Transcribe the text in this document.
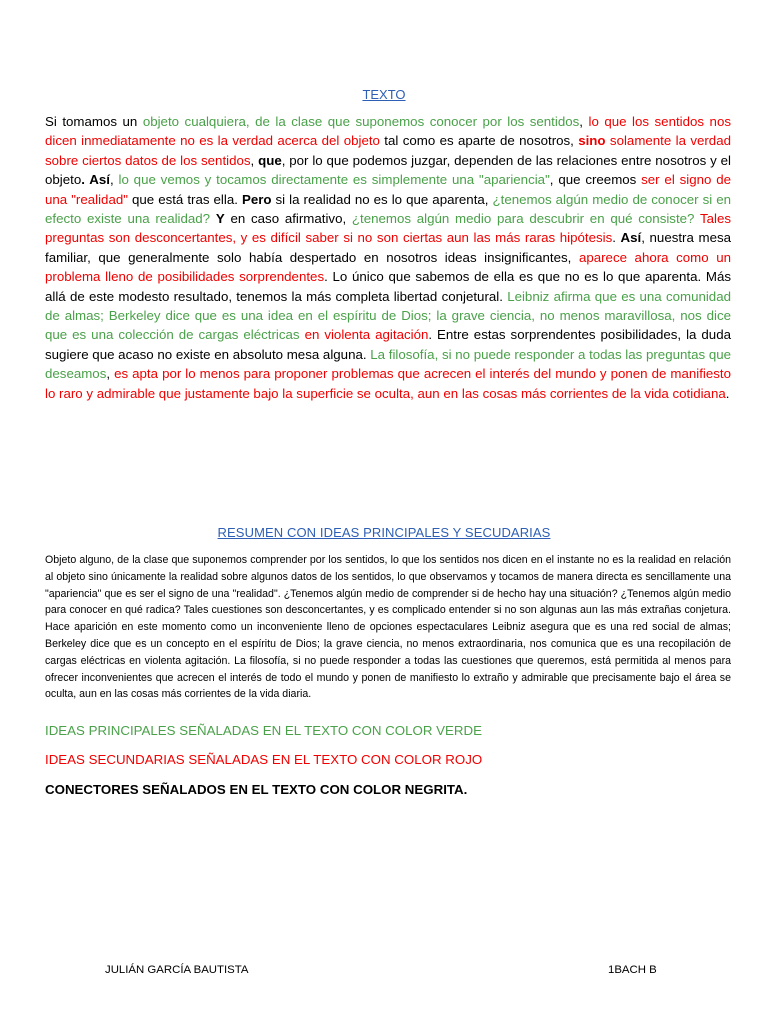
TEXTO
Si tomamos un objeto cualquiera, de la clase que suponemos conocer por los sentidos, lo que los sentidos nos dicen inmediatamente no es la verdad acerca del objeto tal como es aparte de nosotros, sino solamente la verdad sobre ciertos datos de los sentidos, que, por lo que podemos juzgar, dependen de las relaciones entre nosotros y el objeto. Así, lo que vemos y tocamos directamente es simplemente una "apariencia", que creemos ser el signo de una "realidad" que está tras ella. Pero si la realidad no es lo que aparenta, ¿tenemos algún medio de conocer si en efecto existe una realidad? Y en caso afirmativo, ¿tenemos algún medio para descubrir en qué consiste? Tales preguntas son desconcertantes, y es difícil saber si no son ciertas aun las más raras hipótesis. Así, nuestra mesa familiar, que generalmente solo había despertado en nosotros ideas insignificantes, aparece ahora como un problema lleno de posibilidades sorprendentes. Lo único que sabemos de ella es que no es lo que aparenta. Más allá de este modesto resultado, tenemos la más completa libertad conjetural. Leibniz afirma que es una comunidad de almas; Berkeley dice que es una idea en el espíritu de Dios; la grave ciencia, no menos maravillosa, nos dice que es una colección de cargas eléctricas en violenta agitación. Entre estas sorprendentes posibilidades, la duda sugiere que acaso no existe en absoluto mesa alguna. La filosofía, si no puede responder a todas las preguntas que deseamos, es apta por lo menos para proponer problemas que acrecen el interés del mundo y ponen de manifiesto lo raro y admirable que justamente bajo la superficie se oculta, aun en las cosas más corrientes de la vida cotidiana.
RESUMEN CON IDEAS PRINCIPALES Y SECUDARIAS
Objeto alguno, de la clase que suponemos comprender por los sentidos, lo que los sentidos nos dicen en el instante no es la realidad en relación al objeto sino únicamente la realidad sobre algunos datos de los sentidos, lo que observamos y tocamos de manera directa es sencillamente una "apariencia" que es ser el signo de una "realidad". ¿Tenemos algún medio de comprender si de hecho hay una situación? ¿Tenemos algún medio para conocer en qué radica? Tales cuestiones son desconcertantes, y es complicado entender si no son algunas aun las más extrañas conjetura. Hace aparición en este momento como un inconveniente lleno de opciones espectaculares Leibniz asegura que es una red social de almas; Berkeley dice que es un concepto en el espíritu de Dios; la grave ciencia, no menos extraordinaria, nos comunica que es una recopilación de cargas eléctricas en violenta agitación. La filosofía, si no puede responder a todas las cuestiones que queremos, está permitida al menos para ofrecer inconvenientes que acrecen el interés de todo el mundo y ponen de manifiesto lo extraño y admirable que precisamente bajo el área se oculta, aun en las cosas más corrientes de la vida diaria.
IDEAS PRINCIPALES SEÑALADAS EN EL TEXTO CON COLOR VERDE
IDEAS SECUNDARIAS SEÑALADAS EN EL TEXTO CON COLOR ROJO
CONECTORES SEÑALADOS EN EL TEXTO CON COLOR NEGRITA.
JULIÁN GARCÍA BAUTISTA	1BACH B
